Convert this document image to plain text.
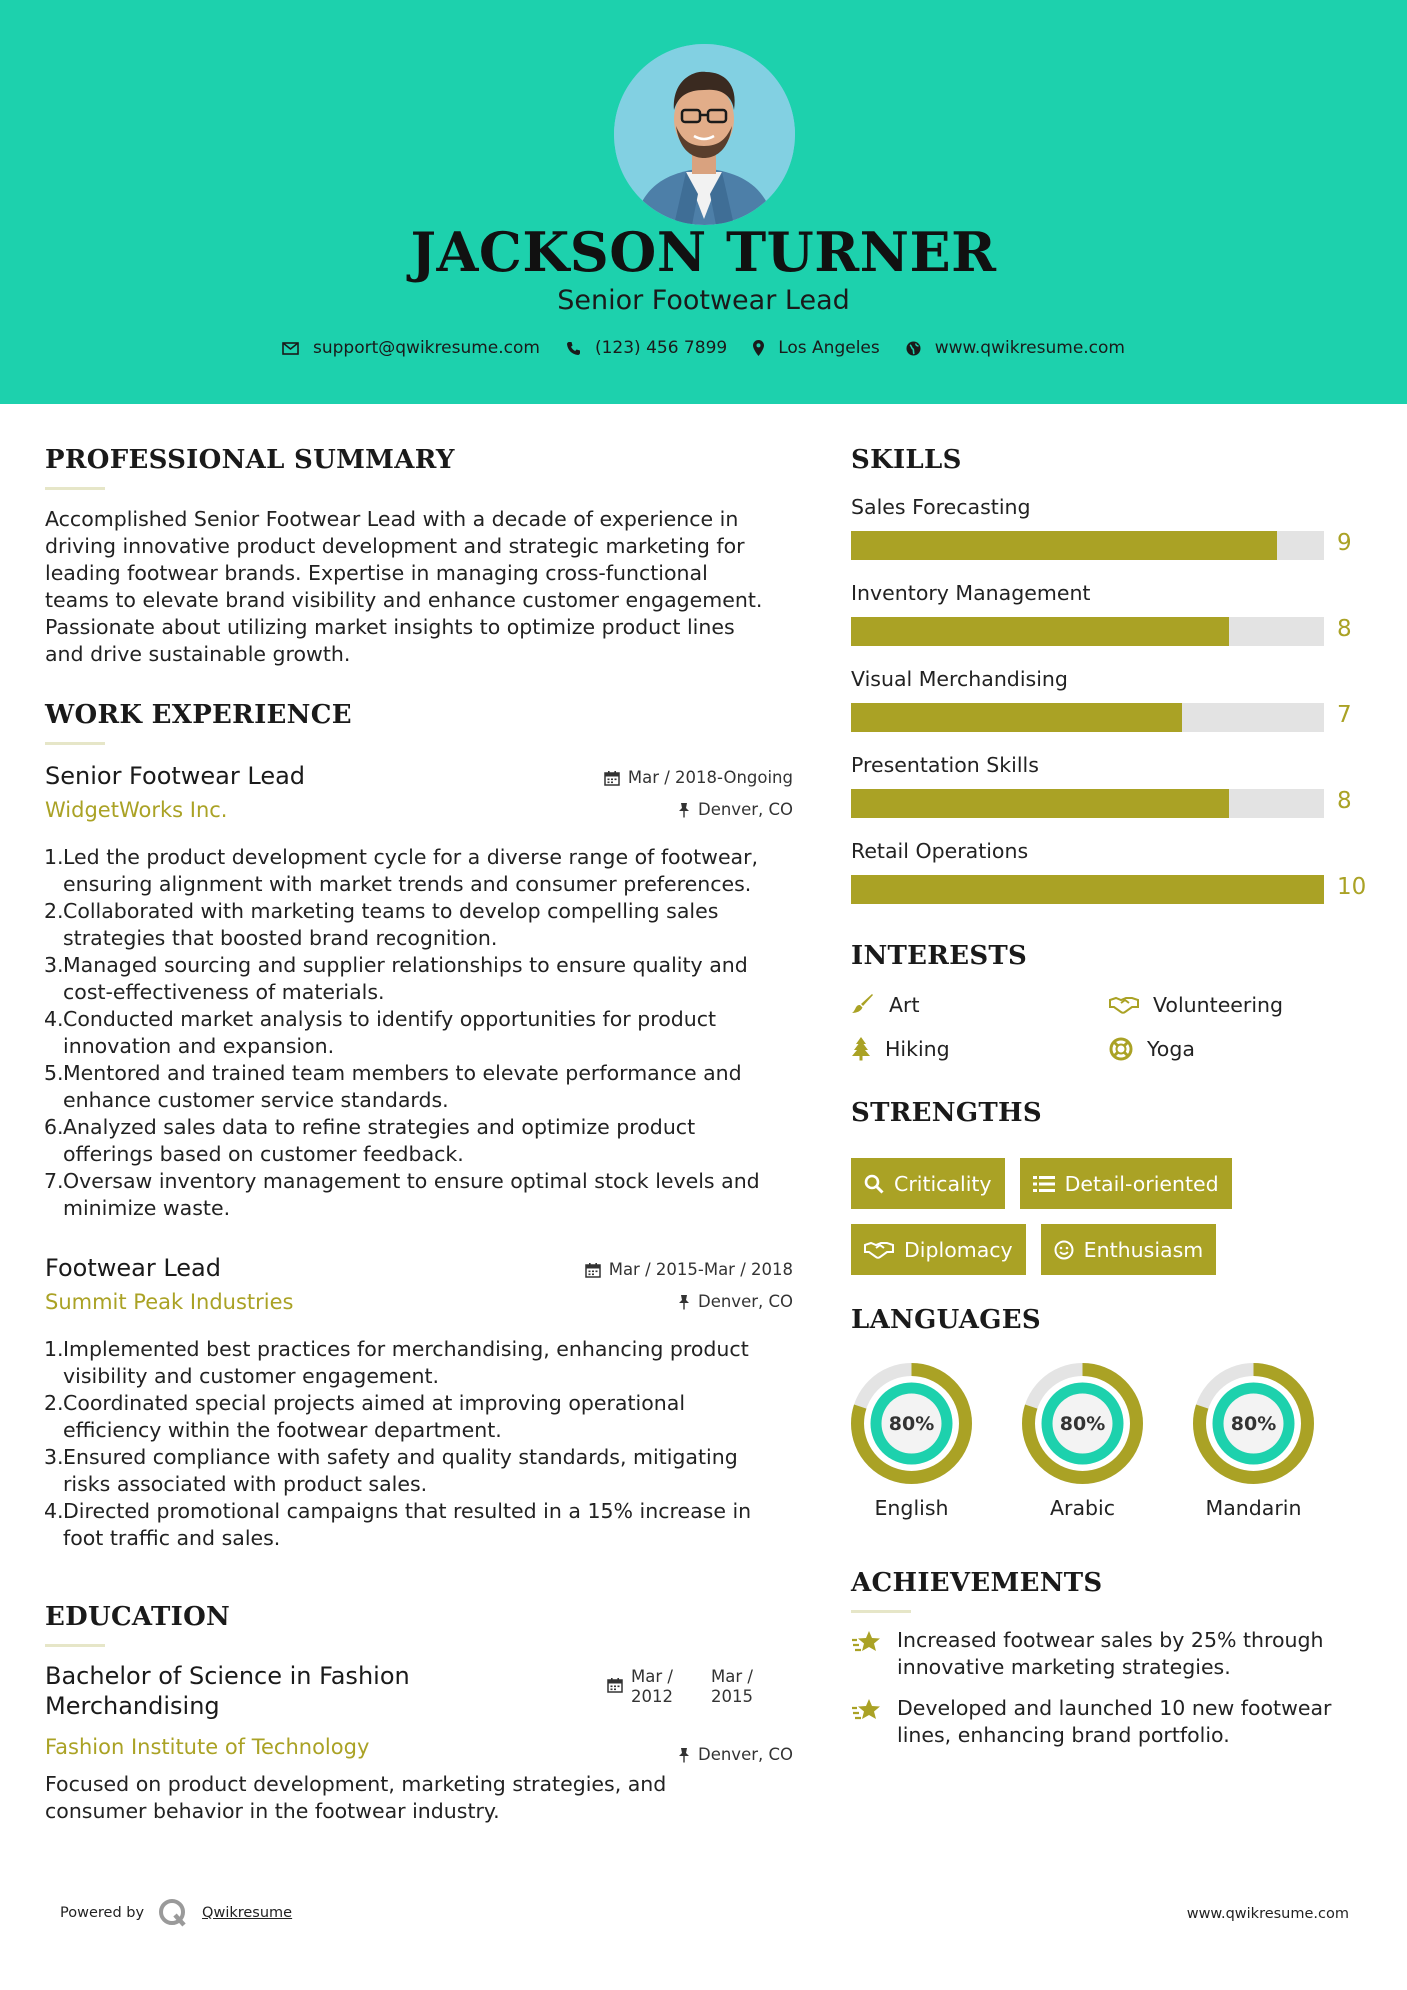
JACKSON TURNER
Senior Footwear Lead
support@qwikresume.com	(123) 456 7899	Los Angeles	www.qwikresume.com
PROFESSIONAL SUMMARY
Accomplished Senior Footwear Lead with a decade of experience in
driving innovative product development and strategic marketing for
leading footwear brands. Expertise in managing cross-functional
teams to elevate brand visibility and enhance customer engagement.
Passionate about utilizing market insights to optimize product lines
and drive sustainable growth.
WORK EXPERIENCE
Senior Footwear Lead
WidgetWorks Inc.
Mar / 2018-Ongoing
Denver, CO
1. Led the product development cycle for a diverse range of footwear,
ensuring alignment with market trends and consumer preferences.
2. Collaborated with marketing teams to develop compelling sales
strategies that boosted brand recognition.
3. Managed sourcing and supplier relationships to ensure quality and
cost-effectiveness of materials.
4. Conducted market analysis to identify opportunities for product
innovation and expansion.
5. Mentored and trained team members to elevate performance and
enhance customer service standards.
6. Analyzed sales data to refine strategies and optimize product
offerings based on customer feedback.
7. Oversaw inventory management to ensure optimal stock levels and
minimize waste.
Footwear Lead
Summit Peak Industries
Mar / 2015-Mar / 2018
Denver, CO
1. Implemented best practices for merchandising, enhancing product
visibility and customer engagement.
2. Coordinated special projects aimed at improving operational
efficiency within the footwear department.
3. Ensured compliance with safety and quality standards, mitigating
risks associated with product sales.
4. Directed promotional campaigns that resulted in a 15% increase in
foot traffic and sales.
EDUCATION
Bachelor of Science in Fashion
Merchandising
Fashion Institute of Technology
Mar /
2012
Mar /
2015
Denver, CO
Focused on product development, marketing strategies, and
consumer behavior in the footwear industry.
SKILLS
Sales Forecasting
9
Inventory Management
8
Visual Merchandising
7
Presentation Skills
8
Retail Operations
10
INTERESTS
Art	Volunteering
Hiking	Yoga
STRENGTHS
Criticality	Detail-oriented
Diplomacy	Enthusiasm
LANGUAGES
80%
English
80%
Arabic
80%
Mandarin
ACHIEVEMENTS
Increased footwear sales by 25% through
innovative marketing strategies.
Developed and launched 10 new footwear
lines, enhancing brand portfolio.
Powered by	Qwikresume	www.qwikresume.com
